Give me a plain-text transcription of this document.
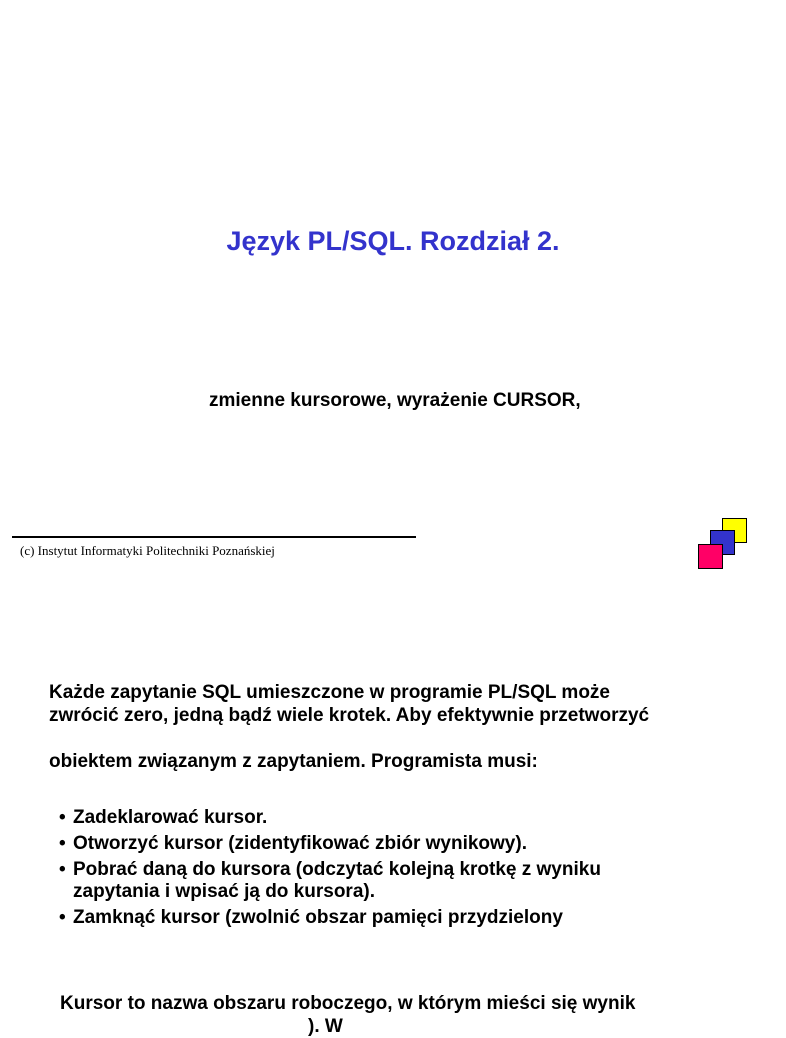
Język PL/SQL. Rozdział 2.

zmienne kursorowe, wyrażenie CURSOR,

(c) Instytut Informatyki Politechniki Poznańskiej

Każde zapytanie SQL umieszczone w programie PL/SQL może

zwrócić zero, jedną bądź wiele krotek. Aby efektywnie przetworzyć

obiektem związanym z zapytaniem. Programista musi:

• Zadeklarować kursor.
• Otworzyć kursor (zidentyfikować zbiór wynikowy).
• Pobrać daną do kursora (odczytać kolejną krotkę z wyniku
zapytania i wpisać ją do kursora).
• Zamknąć kursor (zwolnić obszar pamięci przydzielony

Kursor to nazwa obszaru roboczego, w którym mieści się wynik

). W
